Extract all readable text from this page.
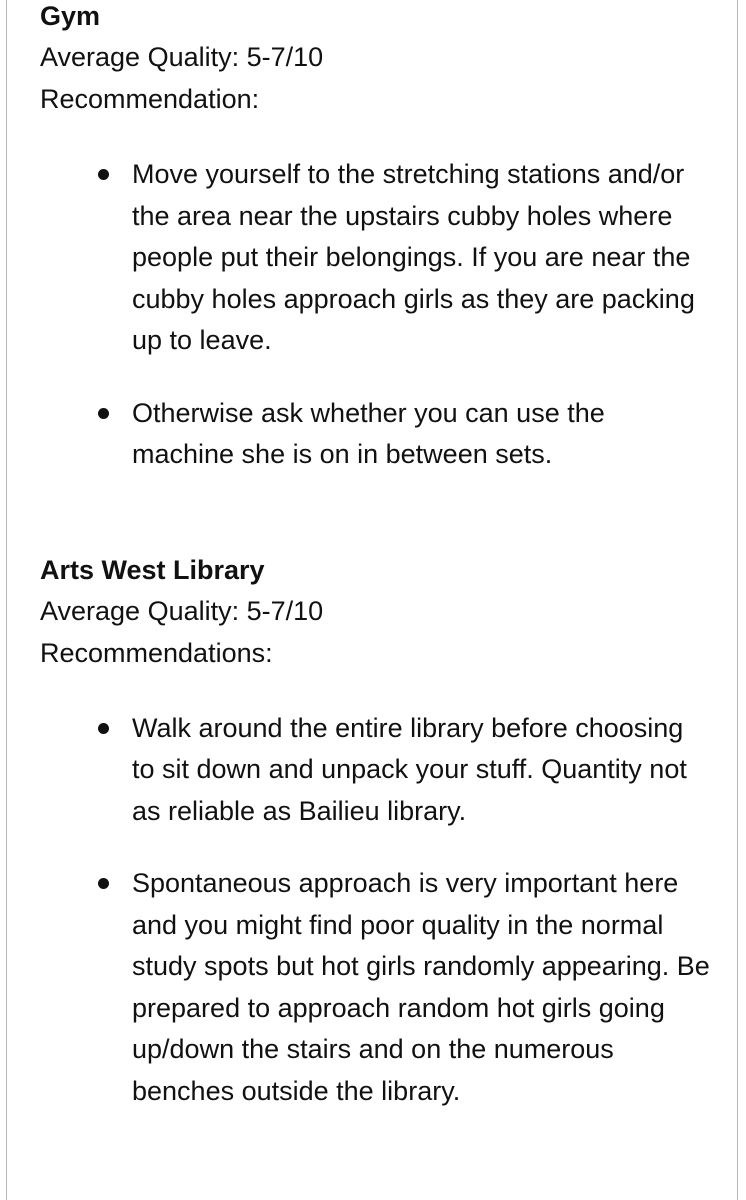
Gym

Average Quality: 5-7/10

Recommendation:

Move yourself to the stretching stations and/or the area near the upstairs cubby holes where people put their belongings. If you are near the cubby holes approach girls as they are packing up to leave.
Otherwise ask whether you can use the machine she is on in between sets.

Arts West Library

Average Quality: 5-7/10

Recommendations:

Walk around the entire library before choosing to sit down and unpack your stuff. Quantity not as reliable as Bailieu library.
Spontaneous approach is very important here and you might find poor quality in the normal study spots but hot girls randomly appearing. Be prepared to approach random hot girls going up/down the stairs and on the numerous benches outside the library.
